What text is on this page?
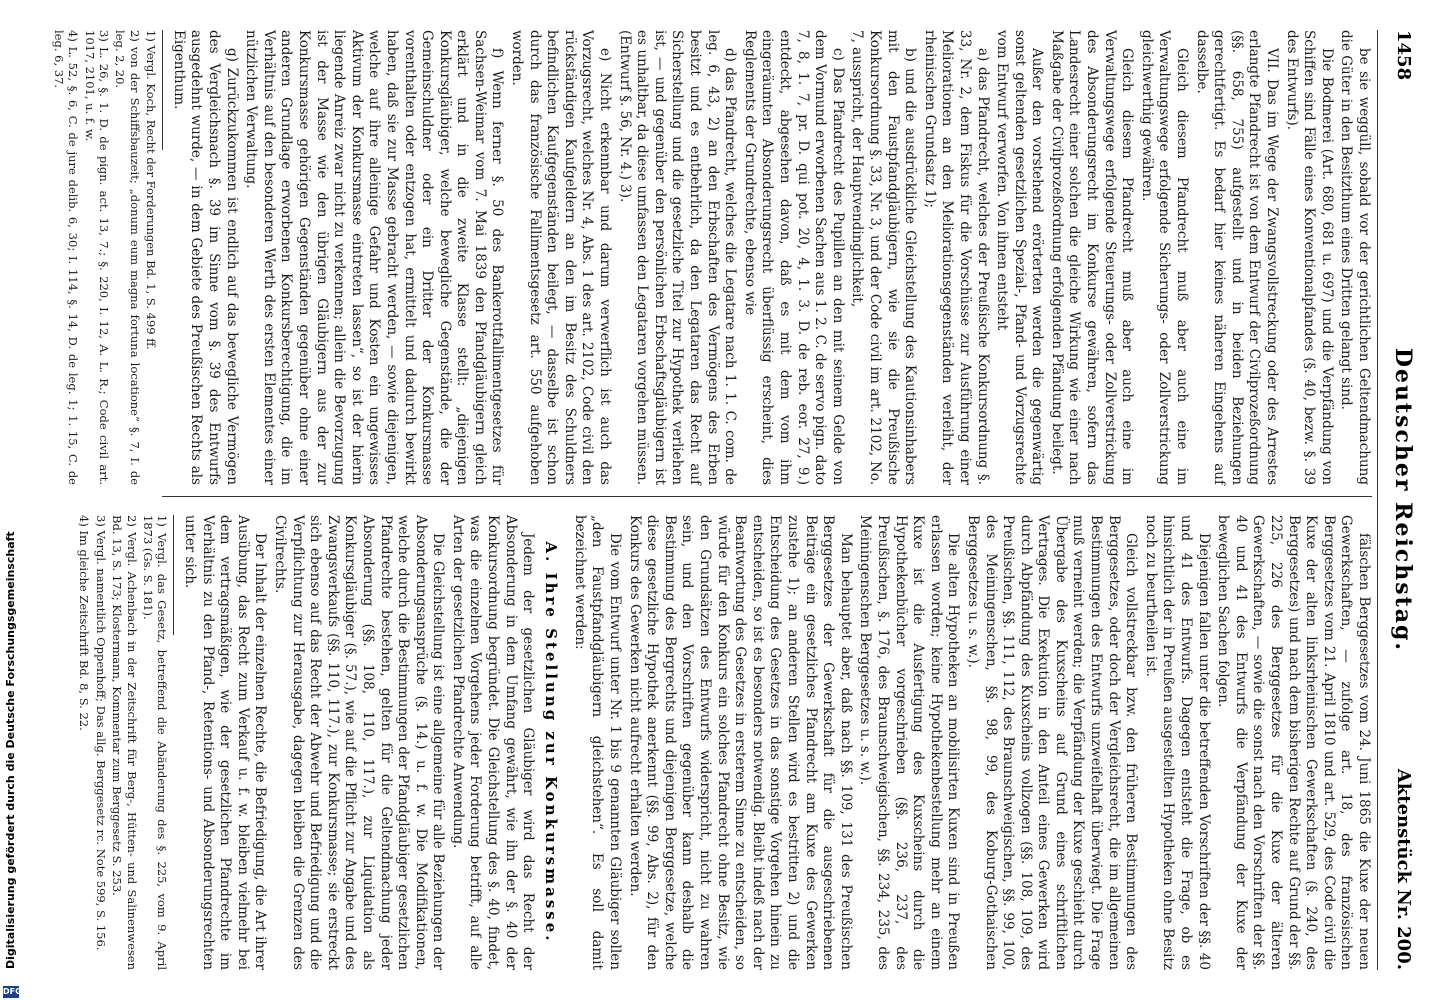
Digitalisierung gefördert durch die Deutsche Forschungsgemeinschaft
DFG
1458
Deutscher Reichstag.
Aktenstück Nr. 200.

be sie weggüll, sobald vor der gerichtlichen Geltendmachung die Güter in den Besitzthum eines Dritten gelangt sind.

Die Bodmerei (Art. 680, 681 u. 697) und die Verpfändung von Schiffen sind Fälle eines Konventionalpfandes (§. 40, bezw. §. 39 des Entwurfs).

VII. Das im Wege der Zwangsvollstreckung oder des Arrestes erlangte Pfandrecht ist von dem Entwurf der Civilprozeßordnung (§§. 658, 755) aufgestellt und in beiden Beziehungen gerechtfertigt. Es bedarf hier keines näheren Eingehens auf dasselbe.

Gleich diesem Pfandrecht muß aber auch eine im Verwaltungswege erfolgende Sicherungs- oder Zollverstrickung gleichwerthig gewähren.

Gleich diesem Pfandrecht muß aber auch eine im Verwaltungswege erfolgende Steuerungs- oder Zollverstrickung des Absonderungsrecht im Konkurse gewähren, sofern das Landesrecht einer solchen die gleiche Wirkung wie einer nach Maßgabe der Civilprozeßordnung erfolgenden Pfändung beilegt.

Außer den vorstehend erörterten werden die gegenwärtig sonst geltenden gesetzlichen Spezial-, Pfand- und Vorzugsrechte vom Entwurf verworfen. Von ihnen entsteht

a) das Pfandrecht, welches der Preußische Konkursordnung §. 33, Nr. 2, dem Fiskus für die Vorschüsse zur Ausführung einer Meliorationen an den Meliorationsgegenständen verleiht, der rheinischen Grundsatz 1);

b) und die ausdrückliche Gleichstellung des Kautionsinhabers mit den Faustpfandgläubigern, wie sie die Preußische Konkursordnung §. 33, Nr. 3, und der Code civil im art. 2102, No. 7, ausspricht, der Hauptvendinglichkeit,

c) Das Pfandrecht des Pupillen an den mit seinem Gelde von dem Vormund erworbenen Sachen aus 1. 2. C. de servo pign. dato 7, 8, 1. 7, pr. D. qui pot. 20, 4, 1. 3. D. de reb. eor. 27, 9.) entdeckt, abgesehen davon, daß es mit dem vom ihm eingeräumten Absonderungsrecht überflüssig erscheint, dies Reglements der Grundrechte, ebenso wie

d) das Pfandrecht, welches die Legatare nach 1. 1. C. com. de leg. 6, 43, 2) an den Erbschaften des Vermögens des Erben besitzt und es entbehrlich, da den Legataren das Recht auf Sicherstellung und die gesetzliche Titel zur Hypothek verliehen ist, — und gegenüber den persönlichen Erbschaftsgläubigern ist es unhaltbar, da diese umfassen den Legataren vorgehen müssen. (Entwurf §. 56, Nr. 4.) 3).

e) Nicht erkennbar und darum verwerflich ist auch das Vorzugsrecht, welches Nr. 4, Abs. 1 des art. 2102, Code civil den rückständigen Kaufgeldern an den im Besitz des Schuldners befindlichen Kaufgegenständen beilegt, — dasselbe ist schon durch das französische Fallimentsgesetz art. 550 aufgehoben worden.

f) Wenn ferner §. 50 des Bankerottfallimentgesetzes für Sachsen-Weimar vom 7. Mai 1839 den Pfandgläubigern gleich erklärt und in die zweite Klasse stellt: „diejenigen Konkursgläubiger, welche bewegliche Gegenstände, die der Gemeinschuldner oder ein Dritter der Konkursmasse vorenthalten oder entzogen hat, ermittelt und dadurch bewirkt haben, daß sie zur Masse gebracht werden, — sowie diejenigen, welche auf ihre alleinige Gefahr und Kosten ein ungewisses Aktivum der Konkursmasse eintreten lassen“, so ist der hierin liegende Anreiz zwar nicht zu verkennen; allein die Bevorzugung ist der Masse wie den übrigen Gläubigern aus der zur Konkursmasse gehörigen Gegenständen gegenüber ohne einer anderen Grundlage erworbenen Konkursberechtigung, die im Verhältnis auf den besonderen Werth des ersten Elementes einer nützlichen Verwaltung.

g) Zurückzukommen ist endlich auf das bewegliche Vermögen des Vergleichsnach §. 39 im Sinne vom §. 39 des Entwurfs ausgedehnt wurde, — in dem Gebiete des Preußischen Rechts als Eigenthum.

1) Vergl. Koch, Recht der Forderungen Bd. 1, S. 499 ff.

2) von der Schiffsbauzeit; „donum eum magna fortuna locatione“ §. 7, I. de leg. 2, 20.

3) L. 26, §. 1. D. de pign. act. 13, 7.; §. 220, I. 12, A. L. R.; Code civil art. 1017, 2101, u. f. w.

4) L. 52, §. 6, C. de jure delib. 6, 30; I. 114, §. 14, D. de leg. 1; 1. 15, C. de leg. 6, 37.

fälschen Berggesetzes vom 24. Juni 1865 die Kuxe der neuen Gewerkschaften, — zufolge art. 18, des französischen Berggesetzes vom 21. April 1810 und art. 529, des Code civil die Kuxe der alten linksrheinischen Gewerkschaften (§. 240, des Berggesetzes) und nach dem bisherigen Rechte auf Grund der §§. 225, 226 des Berggesetzes für die Kuxe der älteren Gewerkschaften, — sowie die sonst nach den Vorschriften der §§. 40 und 41 des Entwurfs die Verpfändung der Kuxe der beweglichen Sachen folgen.

Diejenigen fallen unter die betreffenden Vorschriften der §§. 40 und 41 des Entwurfs. Dagegen entsteht die Frage, ob es hinsichtlich der in Preußen ausgestellten Hypotheken ohne Besitz noch zu beurtheilen ist.

Gleich vollstreckbar bzw. den früheren Bestimmungen des Berggesetzes, oder doch der Vergleichsrecht, die im allgemeinen Bestimmungen des Entwurfs unzweifelhaft überwiegt. Die Frage muß verneint werden; die Verpfändung der Kuxe geschieht durch Übergabe des Kuxscheins auf Grund eines schriftlichen Vertrages. Die Exekution in den Anteil eines Gewerken wird durch Abpfändung des Kuxscheins vollzogen (§§. 108, 109, des Preußischen, §§. 111, 112, des Braunschweigischen, §§. 99, 100, des Meiningenschen, §§. 98, 99, des Koburg-Gothaischen Berggesetzes u. s. w.).

Die alten Hypotheken an mobilisirten Kuxen sind in Preußen erlassen worden; keine Hypothekenbestellung mehr an einem Kuxe ist die Ausfertigung des Kuxscheins durch die Hypothekenbücher vorgeschrieben (§§. 236, 237, des Preußischen, §. 176, des Braunschweigischen, §§. 234, 235, des Meiningenschen Berggesetzes u. s. w.).

Man behauptet aber, daß nach §§. 109, 131 des Preußischen Berggesetzes der Gewerkschaft für die ausgeschriebenen Beiträge ein gesetzliches Pfandrecht am Kuxe des Gewerken zustehe 1); an anderen Stellen wird es bestritten 2) und die Entscheidung des Gesetzes in das sonstige Vorgehen hinein zu entscheiden, so ist es besonders notwendig. Bleibt indeß nach der Beantwortung des Gesetzes in ersterem Sinne zu entscheiden, so würde für den Konkurs ein solches Pfandrecht ohne Besitz, wie den Grundsätzen des Entwurfs widerspricht, nicht zu wahren sein, und den Vorschriften gegenüber kann deshalb die Bestimmung des Bergrechts und diejenigen Berggesetze, welche diese gesetzliche Hypothek anerkennt (§§. 99, Abs. 2), für den Konkurs des Gewerken nicht aufrecht erhalten werden.

Die vom Entwurf unter Nr. 1 bis 9 genannten Gläubiger sollen „den Faustpfandgläubigern gleichstehen“. Es soll damit bezeichnet werden:

A. Ihre Stellung zur Konkursmasse.

Jedem der gesetzlichen Gläubiger wird das Recht der Absonderung in dem Umfang gewährt, wie ihn der §. 40 der Konkursordnung begründet. Die Gleichstellung des §. 40, findet, was die einzelnen Vorgehens jeder Forderung betrifft, auf alle Arten der gesetzlichen Pfandrechte Anwendung.

Die Gleichstellung ist eine allgemeine für alle Beziehungen der Absonderungsansprüche (§. 14.) u. f. w. Die Modifikationen, welche durch die Bestimmungen der Pfandgläubiger gesetzlichen Pfandrechte bestehen, gelten für die Geltendmachung jeder Absonderung (§§. 108, 110, 117.), zur Liquidation als Konkursgläubiger (§. 57.), wie auf die Pflicht zur Angabe und des Zwangsverkaufs (§§. 110, 117.), zur Konkursmasse; sie erstreckt sich ebenso auf das Recht der Abwehr und Befriedigung und die Verpflichtung zur Herausgabe, dagegen bleiben die Grenzen des Civilrechts.

Der Inhalt der einzelnen Rechte, die Befriedigung, die Art ihrer Ausübung, das Recht zum Verkauf u. f. w. bleiben vielmehr bei dem vertragsmäßigen, wie der gesetzlichen Pfandrechte im Verhältnis zu den Pfand-, Retentions- und Absonderungsrechten unter sich.

1) Vergl. das Gesetz, betreffend die Abänderung des §. 225, vom 9. April 1873 (Gs. S. 181).

2) Vergl. Achenbach in der Zeitschrift für Berg-, Hütten- und Salinenwesen Bd. 13, S. 173; Klostermann, Kommentar zum Berggesetz S. 253.

3) Vergl. namentlich Oppenhoff; Das allg. Berggesetz rc. Note 599, S. 156.

4) Im gleiche Zeitschrift Bd. 8, S. 22.
